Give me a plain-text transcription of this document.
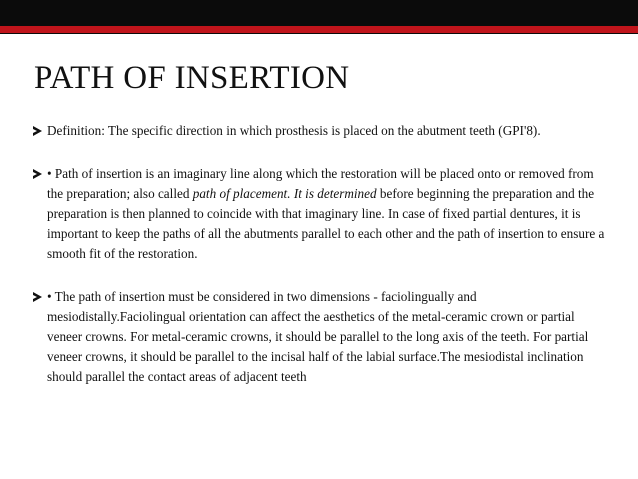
PATH OF INSERTION
Definition: The specific direction in which prosthesis is placed on the abutment teeth (GPI'8).
• Path of insertion is an imaginary line along which the restoration will be placed onto or removed from the preparation; also called path of placement. It is determined before beginning the preparation and the preparation is then planned to coincide with that imaginary line. In case of fixed partial dentures, it is important to keep the paths of all the abutments parallel to each other and the path of insertion to ensure a smooth fit of the restoration.
• The path of insertion must be considered in two dimensions - faciolingually and mesiodistally.Faciolingual orientation can affect the aesthetics of the metal-ceramic crown or partial veneer crowns. For metal-ceramic crowns, it should be parallel to the long axis of the teeth. For partial veneer crowns, it should be parallel to the incisal half of the labial surface.The mesiodistal inclination should parallel the contact areas of adjacent teeth
